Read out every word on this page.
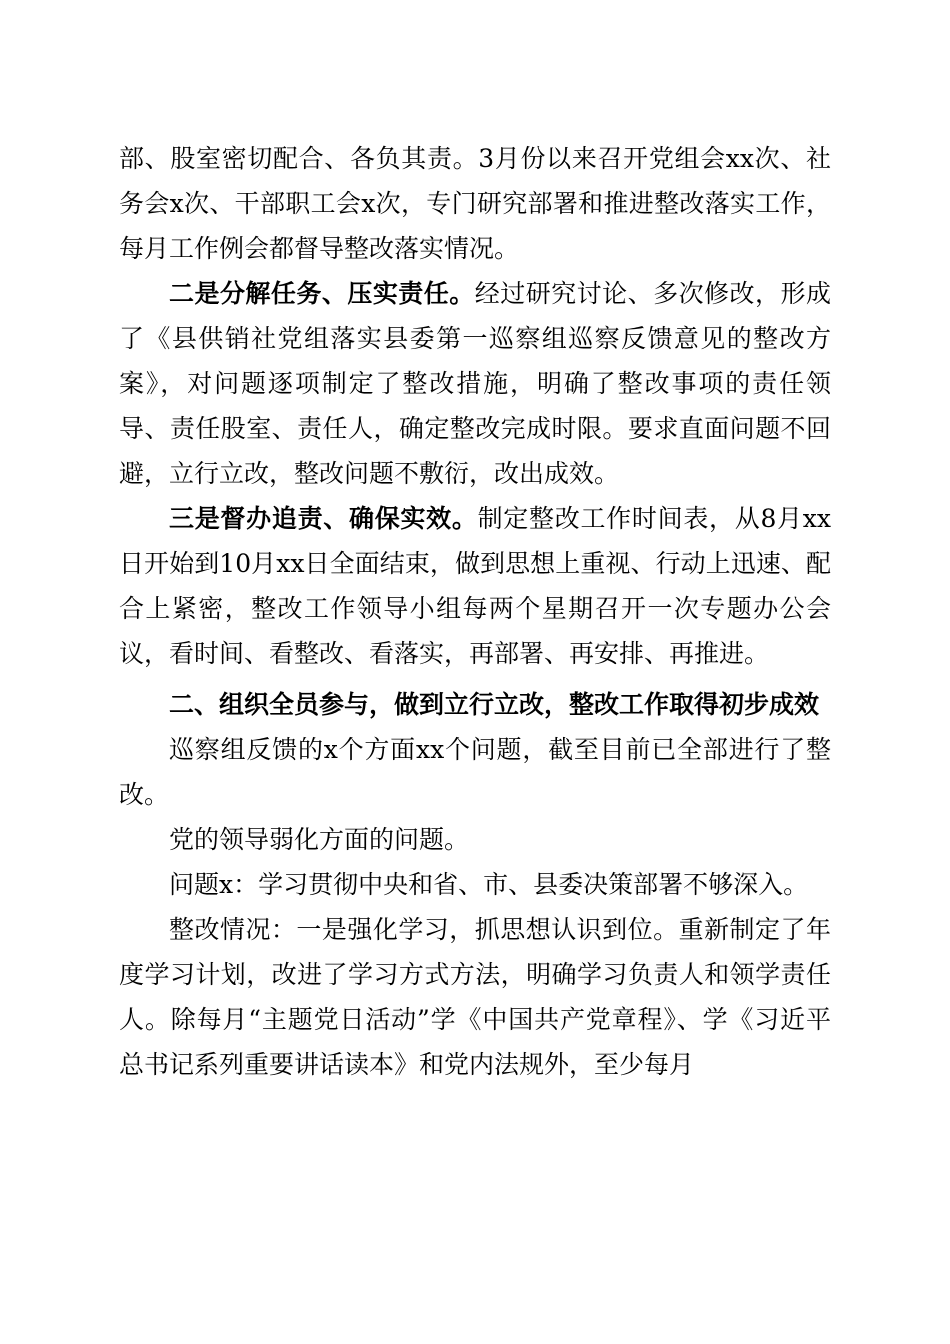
部、股室密切配合、各负其责。3月份以来召开党组会xx次、社务会x次、干部职工会x次，专门研究部署和推进整改落实工作，每月工作例会都督导整改落实情况。

二是分解任务、压实责任。经过研究讨论、多次修改，形成了《县供销社党组落实县委第一巡察组巡察反馈意见的整改方案》，对问题逐项制定了整改措施，明确了整改事项的责任领导、责任股室、责任人，确定整改完成时限。要求直面问题不回避，立行立改，整改问题不敷衍，改出成效。

三是督办追责、确保实效。制定整改工作时间表，从8月xx日开始到10月xx日全面结束，做到思想上重视、行动上迅速、配合上紧密，整改工作领导小组每两个星期召开一次专题办公会议，看时间、看整改、看落实，再部署、再安排、再推进。

二、组织全员参与，做到立行立改，整改工作取得初步成效

巡察组反馈的x个方面xx个问题，截至目前已全部进行了整改。

党的领导弱化方面的问题。

问题x：学习贯彻中央和省、市、县委决策部署不够深入。

整改情况：一是强化学习，抓思想认识到位。重新制定了年度学习计划，改进了学习方式方法，明确学习负责人和领学责任人。除每月“主题党日活动”学《中国共产党章程》、学《习近平总书记系列重要讲话读本》和党内法规外，至少每月
